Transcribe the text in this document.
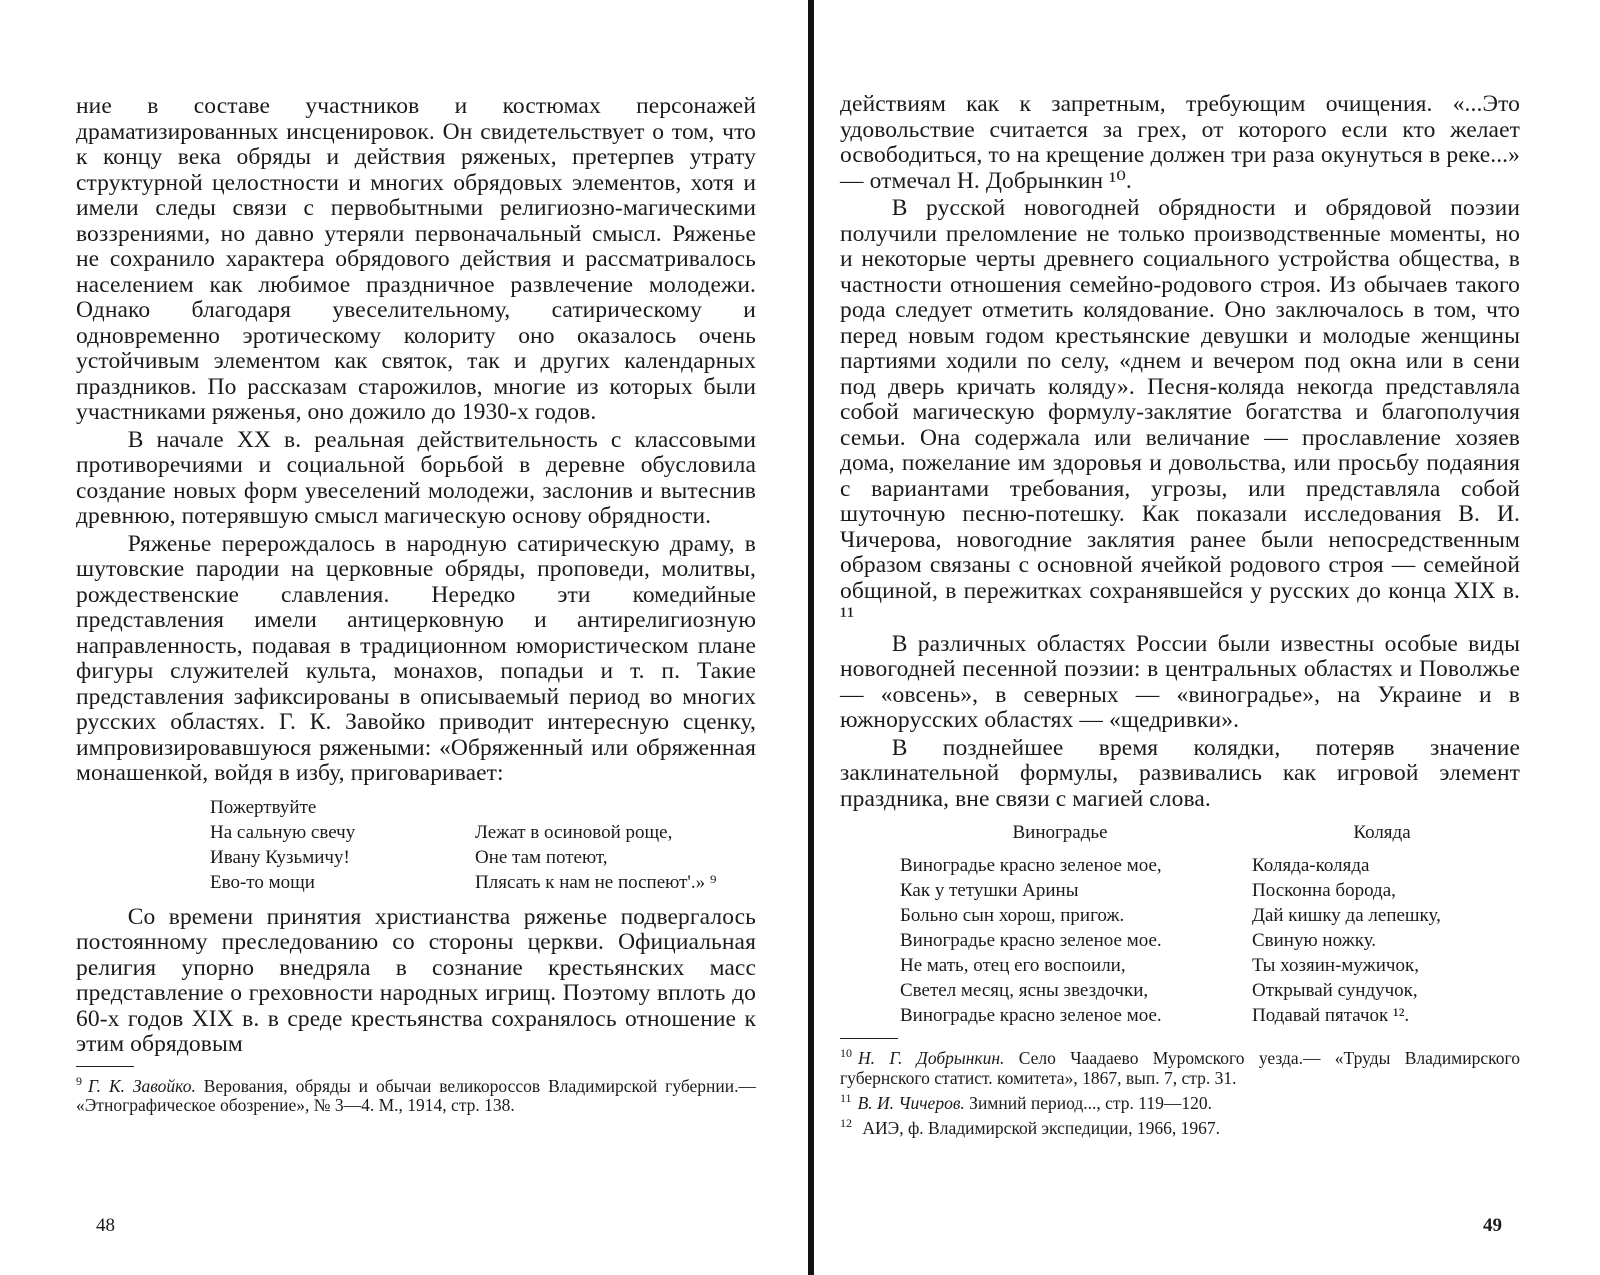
ние в составе участников и костюмах персонажей драматизированных инсценировок. Он свидетельствует о том, что к концу века обряды и действия ряженых, претерпев утрату структурной целостности и многих обрядовых элементов, хотя и имели следы связи с первобытными религиозно-магическими воззрениями, но давно утеряли первоначальный смысл. Ряженье не сохранило характера обрядового действия и рассматривалось населением как любимое праздничное развлечение молодежи. Однако благодаря увеселительному, сатирическому и одновременно эротическому колориту оно оказалось очень устойчивым элементом как святок, так и других календарных праздников. По рассказам старожилов, многие из которых были участниками ряженья, оно дожило до 1930-х годов.

В начале XX в. реальная действительность с классовыми противоречиями и социальной борьбой в деревне обусловила создание новых форм увеселений молодежи, заслонив и вытеснив древнюю, потерявшую смысл магическую основу обрядности.

Ряженье перерождалось в народную сатирическую драму, в шутовские пародии на церковные обряды, проповеди, молитвы, рождественские славления. Нередко эти комедийные представления имели антицерковную и антирелигиозную направленность, подавая в традиционном юмористическом плане фигуры служителей культа, монахов, попадьи и т. п. Такие представления зафиксированы в описываемый период во многих русских областях. Г. К. Завойко приводит интересную сценку, импровизировавшуюся ряжеными: «Обряженный или обряженная монашенкой, войдя в избу, приговаривает:

Пожертвуйте
На сальную свечу	Лежат в осиновой роще,
Ивану Кузьмичу!	Оне там потеют,
Ево-то мощи	Плясать к нам не поспеют'.» ⁹

Со времени принятия христианства ряженье подвергалось постоянному преследованию со стороны церкви. Официальная религия упорно внедряла в сознание крестьянских масс представление о греховности народных игрищ. Поэтому вплоть до 60-х годов XIX в. в среде крестьянства сохранялось отношение к этим обрядовым

$^9$ Г. К. Завойко. Верования, обряды и обычаи великороссов Владимирской губернии.— «Этнографическое обозрение», № 3—4. М., 1914, стр. 138.

48

действиям как к запретным, требующим очищения. «...Это удовольствие считается за грех, от которого если кто желает освободиться, то на крещение должен три раза окунуться в реке...» — отмечал Н. Добрынкин ¹⁰.

В русской новогодней обрядности и обрядовой поэзии получили преломление не только производственные моменты, но и некоторые черты древнего социального устройства общества, в частности отношения семейно-родового строя. Из обычаев такого рода следует отметить колядование. Оно заключалось в том, что перед новым годом крестьянские девушки и молодые женщины партиями ходили по селу, «днем и вечером под окна или в сени под дверь кричать коляду». Песня-коляда некогда представляла собой магическую формулу-заклятие богатства и благополучия семьи. Она содержала или величание — прославление хозяев дома, пожелание им здоровья и довольства, или просьбу подаяния с вариантами требования, угрозы, или представляла собой шуточную песню-потешку. Как показали исследования В. И. Чичерова, новогодние заклятия ранее были непосредственным образом связаны с основной ячейкой родового строя — семейной общиной, в пережитках сохранявшейся у русских до конца XIX в. ¹¹

В различных областях России были известны особые виды новогодней песенной поэзии: в центральных областях и Поволжье — «овсень», в северных — «виноградье», на Украине и в южнорусских областях — «щедривки».

В позднейшее время колядки, потеряв значение заклинательной формулы, развивались как игровой элемент праздника, вне связи с магией слова.

Виноградье	Коляда
Виноградье красно зеленое мое,	Коляда-коляда
Как у тетушки Арины	Посконна борода,
Больно сын хорош, пригож.	Дай кишку да лепешку,
Виноградье красно зеленое мое.	Свиную ножку.
Не мать, отец его воспоили,	Ты хозяин-мужичок,
Светел месяц, ясны звездочки,	Открывай сундучок,
Виноградье красно зеленое мое.	Подавай пятачок ¹².

$^{10}$ Н. Г. Добрынкин. Село Чаадаево Муромского уезда.— «Труды Владимирского губернского статист. комитета», 1867, вып. 7, стр. 31.

$^{11}$ В. И. Чичеров. Зимний период..., стр. 119—120.

$^{12}$ АИЭ, ф. Владимирской экспедиции, 1966, 1967.

49
